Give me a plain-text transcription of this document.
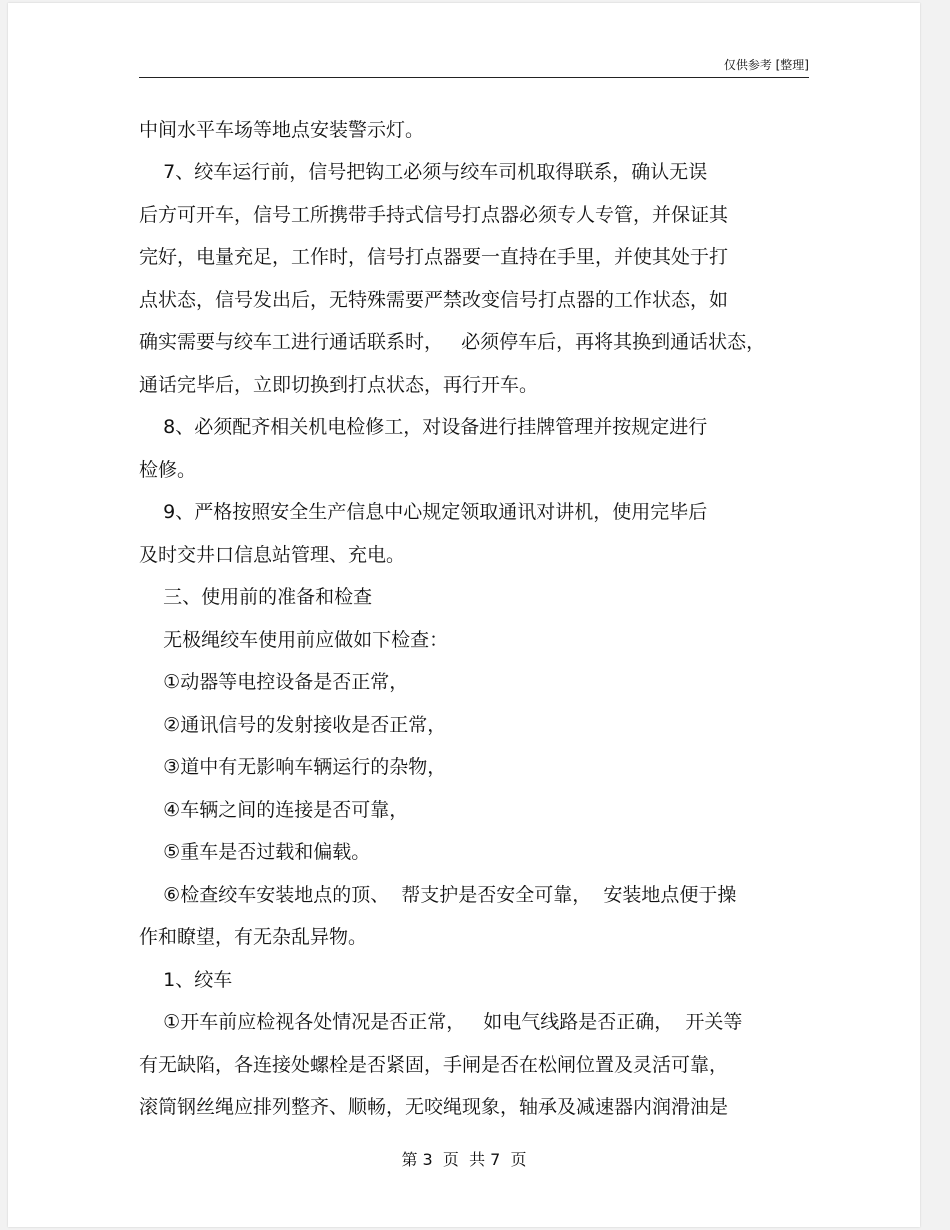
仅供参考 [整理]
中间水平车场等地点安装警示灯。
7、绞车运行前，信号把钩工必须与绞车司机取得联系，确认无误
后方可开车，信号工所携带手持式信号打点器必须专人专管，并保证其
完好，电量充足，工作时，信号打点器要一直持在手里，并使其处于打
点状态，信号发出后，无特殊需要严禁改变信号打点器的工作状态，如
确实需要与绞车工进行通话联系时，   必须停车后，再将其换到通话状态，
通话完毕后，立即切换到打点状态，再行开车。
8、必须配齐相关机电检修工，对设备进行挂牌管理并按规定进行
检修。
9、严格按照安全生产信息中心规定领取通讯对讲机，使用完毕后
及时交井口信息站管理、充电。
三、使用前的准备和检查
无极绳绞车使用前应做如下检查：
①动器等电控设备是否正常，
②通讯信号的发射接收是否正常，
③道中有无影响车辆运行的杂物，
④车辆之间的连接是否可靠，
⑤重车是否过载和偏载。
⑥检查绞车安装地点的顶、  帮支护是否安全可靠，  安装地点便于操
作和瞭望，有无杂乱异物。
1、绞车
①开车前应检视各处情况是否正常，   如电气线路是否正确，  开关等
有无缺陷，各连接处螺栓是否紧固，手闸是否在松闸位置及灵活可靠，
滚筒钢丝绳应排列整齐、顺畅，无咬绳现象，轴承及减速器内润滑油是
第 3  页  共 7  页
